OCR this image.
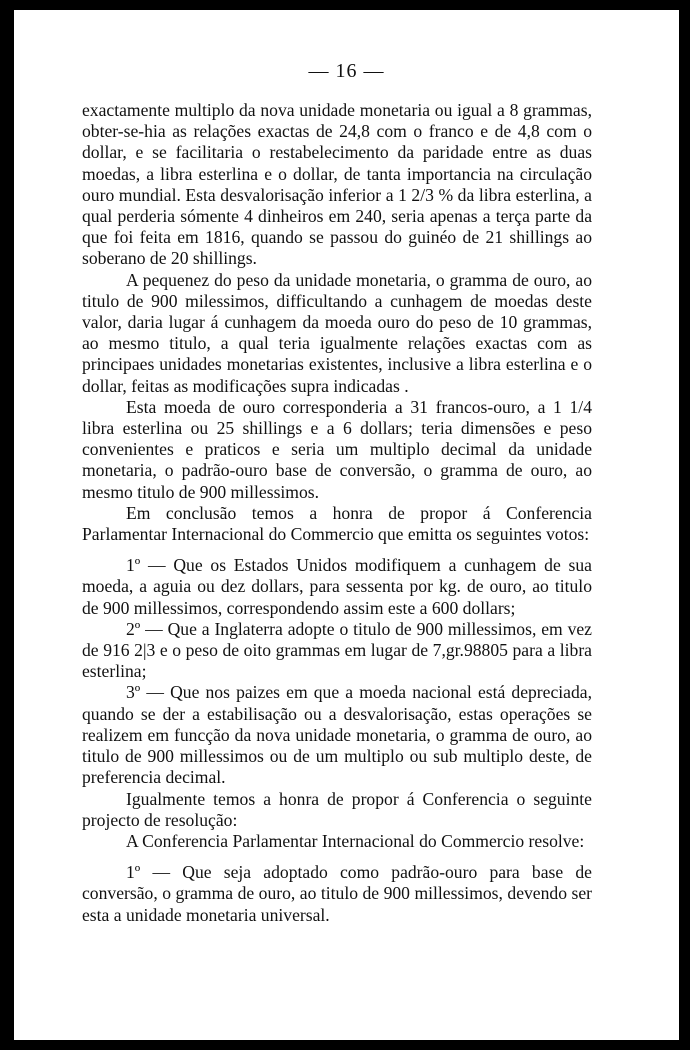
— 16 —

exactamente multiplo da nova unidade monetaria ou igual a 8 grammas, obter-se-hia as relações exactas de 24,8 com o franco e de 4,8 com o dollar, e se facilitaria o restabelecimento da paridade entre as duas moedas, a libra esterlina e o dollar, de tanta importancia na circulação ouro mundial. Esta desvalorisação inferior a 1 2/3 % da libra esterlina, a qual perderia sómente 4 dinheiros em 240, seria apenas a terça parte da que foi feita em 1816, quando se passou do guinéo de 21 shillings ao soberano de 20 shillings.

A pequenez do peso da unidade monetaria, o gramma de ouro, ao titulo de 900 milessimos, difficultando a cunhagem de moedas deste valor, daria lugar á cunhagem da moeda ouro do peso de 10 grammas, ao mesmo titulo, a qual teria igualmente relações exactas com as principaes unidades monetarias existentes, inclusive a libra esterlina e o dollar, feitas as modificações supra indicadas .

Esta moeda de ouro corresponderia a 31 francos-ouro, a 1 1/4 libra esterlina ou 25 shillings e a 6 dollars; teria dimensões e peso convenientes e praticos e seria um multiplo decimal da unidade monetaria, o padrão-ouro base de conversão, o gramma de ouro, ao mesmo titulo de 900 millessimos.

Em conclusão temos a honra de propor á Conferencia Parlamentar Internacional do Commercio que emitta os seguintes votos:

1º — Que os Estados Unidos modifiquem a cunhagem de sua moeda, a aguia ou dez dollars, para sessenta por kg. de ouro, ao titulo de 900 millessimos, correspondendo assim este a 600 dollars;

2º — Que a Inglaterra adopte o titulo de 900 millessimos, em vez de 916 2|3 e o peso de oito grammas em lugar de 7,gr.98805 para a libra esterlina;

3º — Que nos paizes em que a moeda nacional está depreciada, quando se der a estabilisação ou a desvalorisação, estas operações se realizem em funcção da nova unidade monetaria, o gramma de ouro, ao titulo de 900 millessimos ou de um multiplo ou sub multiplo deste, de preferencia decimal.

Igualmente temos a honra de propor á Conferencia o seguinte projecto de resolução:

A Conferencia Parlamentar Internacional do Commercio resolve:

1º — Que seja adoptado como padrão-ouro para base de conversão, o gramma de ouro, ao titulo de 900 millessimos, devendo ser esta a unidade monetaria universal.
